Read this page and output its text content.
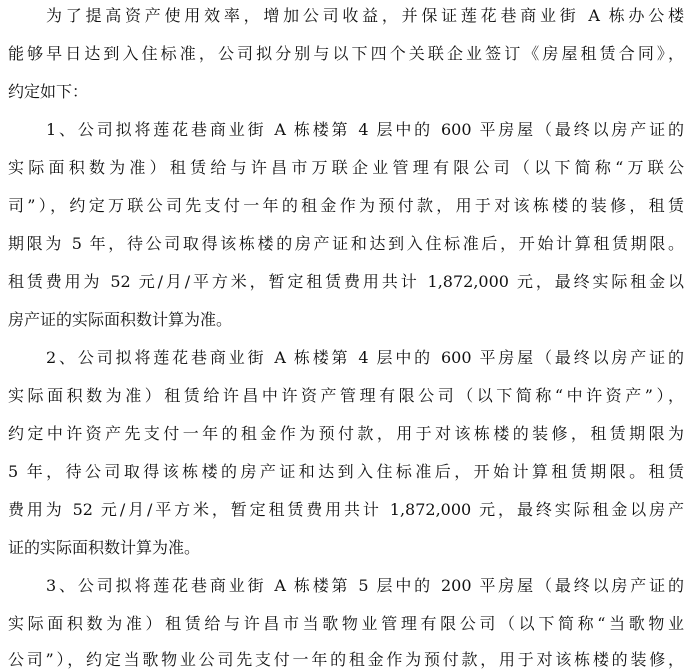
为了提高资产使用效率，增加公司收益，并保证莲花巷商业街 A 栋办公楼
能够早日达到入住标准，公司拟分别与以下四个关联企业签订《房屋租赁合同》，
约定如下：
1、公司拟将莲花巷商业街 A 栋楼第 4 层中的 600 平房屋（最终以房产证的
实际面积数为准）租赁给与许昌市万联企业管理有限公司（以下简称“万联公
司”），约定万联公司先支付一年的租金作为预付款，用于对该栋楼的装修，租赁
期限为 5 年，待公司取得该栋楼的房产证和达到入住标准后，开始计算租赁期限。
租赁费用为 52 元/月/平方米，暂定租赁费用共计 1,872,000 元，最终实际租金以
房产证的实际面积数计算为准。
2、公司拟将莲花巷商业街 A 栋楼第 4 层中的 600 平房屋（最终以房产证的
实际面积数为准）租赁给许昌中许资产管理有限公司（以下简称“中许资产”），
约定中许资产先支付一年的租金作为预付款，用于对该栋楼的装修，租赁期限为
5 年，待公司取得该栋楼的房产证和达到入住标准后，开始计算租赁期限。租赁
费用为 52 元/月/平方米，暂定租赁费用共计 1,872,000 元，最终实际租金以房产
证的实际面积数计算为准。
3、公司拟将莲花巷商业街 A 栋楼第 5 层中的 200 平房屋（最终以房产证的
实际面积数为准）租赁给与许昌市当歌物业管理有限公司（以下简称“当歌物业
公司”），约定当歌物业公司先支付一年的租金作为预付款，用于对该栋楼的装修，
